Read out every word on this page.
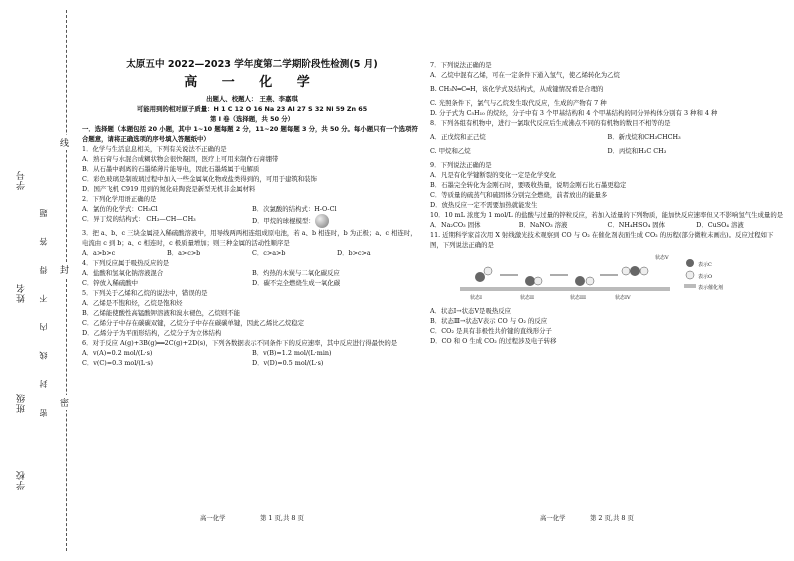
线
封
密
密 封 线 内 不 得 答 题
学号
姓名
班级
学校
太原五中 2022—2023 学年度第二学期阶段性检测(5 月)
高 一 化 学
出题人、校题人： 王燕、李嘉琪
可能用到的相对原子质量：H 1 C 12 O 16 Na 23 Al 27 S 32 Ni 59 Zn 65
第 I 卷（选择题，共 50 分）
一．选择题（本题包括 20 小题，其中 1~10 题每题 2 分，11~20 题每题 3 分，共 50 分。每小题只有一个选项符合题意，请将正确选项的序号填入答题纸中）
1．化学与生活息息相关，下列有关说法不正确的是
A．熟石膏与水混合成糊状物会很快凝固，医疗上可用来制作石膏绷带
B．从石墨中剥离的石墨烯薄片能导电，因此石墨烯属于电解质
C．彩色玻璃是制玻璃过程中加入一些金属氧化物或盐类得到的，可用于建筑和装饰
D．国产飞机 C919 用到的氮化硅陶瓷是新型无机非金属材料
2．下列化学用语正确的是
A．氯仿的化学式：CH₃Cl	B．次氯酸的结构式：H-O-Cl
C．异丁烷的结构式： CH₃—CH—CH₃	D．甲烷的球棍模型：
3．把 a、b、c 三块金属浸入稀硫酸溶液中，用导线两两相连组成原电池，若 a、b 相连时，b 为正极；a、c 相连时，电流由 c 到 b；a、c 相连时，c 极质量增加；则三种金属的活动性顺序是
A．a>b>c	B．a>c>b	C．c>a>b	D．b>c>a
4．下列反应属于吸热反应的是
A．盐酸和氢氧化钠溶液混合	B．灼热的木炭与二氧化碳反应
C．锌放入稀硫酸中	D．碳不完全燃烧生成一氧化碳
5．下列关于乙烯和乙烷的说法中，错误的是
A．乙烯是不饱和烃，乙烷是饱和烃
B．乙烯能使酸性高锰酸钾溶液和溴水褪色，乙烷则不能
C．乙烯分子中存在碳碳双键，乙烷分子中存在碳碳单键，因此乙烯比乙烷稳定
D．乙烯分子为平面形结构，乙烷分子为立体结构
6．对于反应 A(g)+3B(g)══2C(g)+2D(s)，下列各数据表示不同条件下的反应速率，其中反应进行得最快的是
A．v(A)=0.2 mol/(L·s)	B．v(B)=1.2 mol/(L·min)
C．v(C)=0.3 mol/(L·s)	D．v(D)=0.5 mol/(L·s)
高一化学	第 1 页,共 8 页
7．下列说法正确的是
A．乙烷中混有乙烯，可在一定条件下通入氢气，使乙烯转化为乙烷
B. CH₃N═C═H，该化学式及结构式，从成键情况看是合理的
C. 光照条件下，氯气与乙烷发生取代反应，生成的产物有 7 种
D. 分子式为 C₅H₁₀ 的烷烃，分子中有 3 个甲基结构和 4 个甲基结构的同分异构体分别有 3 种和 4 种
8．下列各组有机物中，进行一氯取代反应后生成沸点不同的有机物的数目不相等的是
A．正戊烷和正己烷	B．新戊烷和CH₃CHCH₃
C. 甲烷和乙烷	D．丙烷和H₃C CH₃
9．下列说法正确的是
A．凡是有化学键断裂的变化一定是化学变化
B．石墨完全转化为金刚石时，要吸收热量，说明金刚石比石墨更稳定
C．等质量的硫蒸气和硫固体分别完全燃烧，前者放出的能量多
D．放热反应一定不需要加热就能发生
10．10 mL 浓度为 1 mol/L 的盐酸与过量的锌粒反应，若加入适量的下列物质，能加快反应速率但又不影响氢气生成量的是
A．Na₂CO₃ 固体	B．NaNO₃ 溶液	C．NH₄HSO₄ 固体	D．CuSO₄ 溶液
11. 近期科学家首次用 X 射线激光技术观察到 CO 与 O₂ 在催化剂表面生成 CO₂ 的历程(部分微粒未画出)。反应过程如下图，下列说法正确的是
状态I	状态II	状态III	状态IV
状态V
表示C
表示O
表示催化剂
A．状态Ⅰ→状态Ⅴ是吸热反应
B．状态Ⅲ→状态Ⅴ表示 CO 与 O₂ 的反应
C．CO₂ 是具有非极性共价键的直线形分子
D．CO 和 O 生成 CO₂ 的过程涉及电子转移
高一化学	第 2 页,共 8 页
